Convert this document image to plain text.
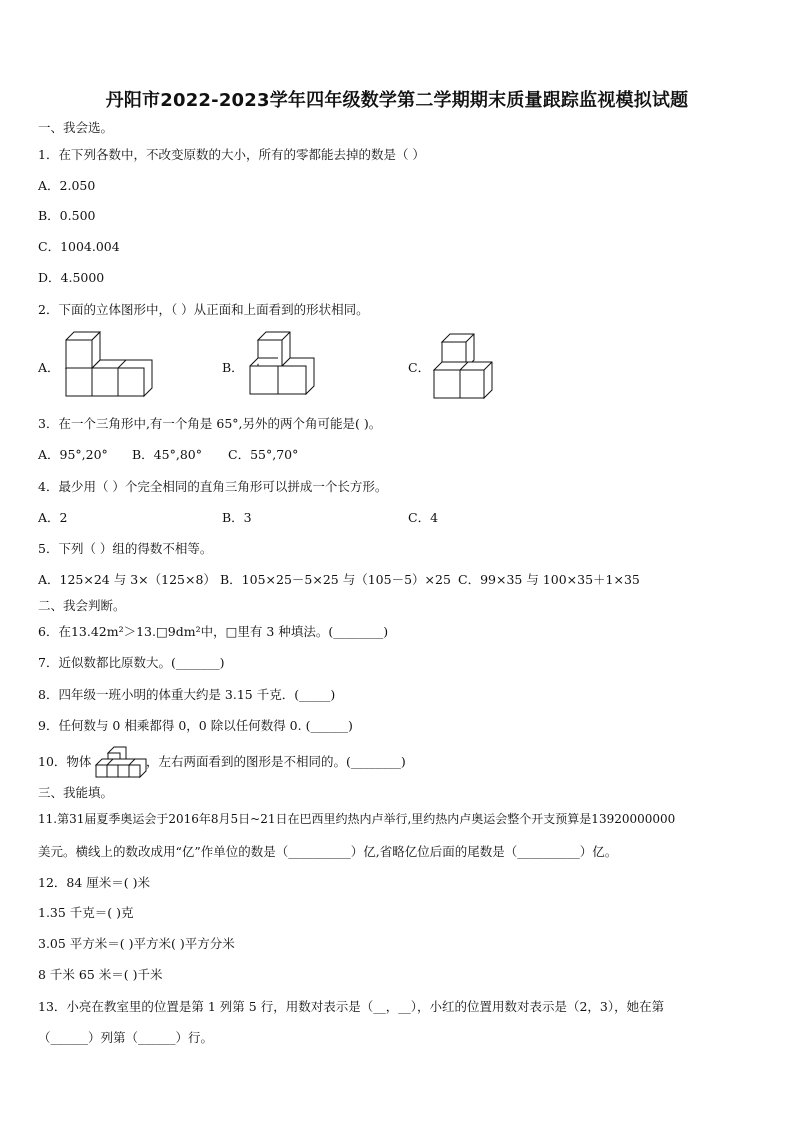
丹阳市2022-2023学年四年级数学第二学期期末质量跟踪监视模拟试题
一、我会选。
1．在下列各数中，不改变原数的大小，所有的零都能去掉的数是（ ）
A．2.050
B．0.500
C．1004.004
D．4.5000
2．下面的立体图形中，（ ）从正面和上面看到的形状相同。
A．	B．	C．
3．在一个三角形中,有一个角是 65°,另外的两个角可能是( )。
A．95°,20° B．45°,80° C．55°,70°
4．最少用（ ）个完全相同的直角三角形可以拼成一个长方形。
A．2	B．3	C．4
5．下列（ ）组的得数不相等。
A．125×24 与 3×（125×8） B．105×25－5×25 与（105－5）×25 C．99×35 与 100×35＋1×35
二、我会判断。
6．在13.42m²＞13.□9dm²中，□里有 3 种填法。(________)
7．近似数都比原数大。(_______)
8．四年级一班小明的体重大约是 3.15 千克．(_____)
9．任何数与 0 相乘都得 0，0 除以任何数得 0. (______)
10．物体	，左右两面看到的图形是不相同的。(________)
三、我能填。
11.第31届夏季奥运会于2016年8月5日~21日在巴西里约热内卢举行,里约热内卢奥运会整个开支预算是13920000000
美元。横线上的数改成用“亿”作单位的数是（__________）亿,省略亿位后面的尾数是（__________）亿。
12．84 厘米＝( )米
1.35 千克＝( )克
3.05 平方米＝( )平方米( )平方分米
8 千米 65 米＝( )千米
13．小亮在教室里的位置是第 1 列第 5 行，用数对表示是（__，__），小红的位置用数对表示是（2，3），她在第
（______）列第（______）行。
